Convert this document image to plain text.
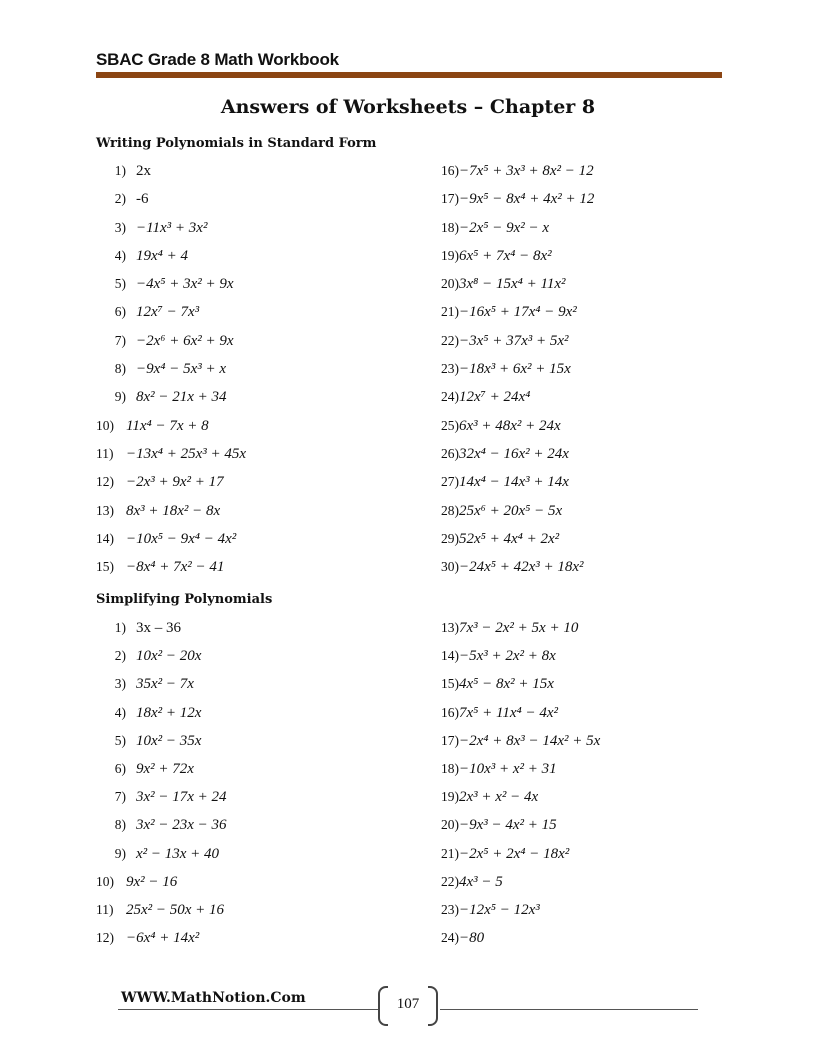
SBAC Grade 8 Math Workbook
Answers of Worksheets – Chapter 8
Writing Polynomials in Standard Form
1) 2x
2) -6
3) −11x³ + 3x²
4) 19x⁴ + 4
5) −4x⁵ + 3x² + 9x
6) 12x⁷ − 7x³
7) −2x⁶ + 6x² + 9x
8) −9x⁴ − 5x³ + x
9) 8x² − 21x + 34
10) 11x⁴ − 7x + 8
11) −13x⁴ + 25x³ + 45x
12) −2x³ + 9x² + 17
13) 8x³ + 18x² − 8x
14) −10x⁵ − 9x⁴ − 4x²
15) −8x⁴ + 7x² − 41
16)−7x⁵ + 3x³ + 8x² − 12
17)−9x⁵ − 8x⁴ + 4x² + 12
18)−2x⁵ − 9x² − x
19)6x⁵ + 7x⁴ − 8x²
20)3x⁸ − 15x⁴ + 11x²
21)−16x⁵ + 17x⁴ − 9x²
22)−3x⁵ + 37x³ + 5x²
23)−18x³ + 6x² + 15x
24)12x⁷ + 24x⁴
25)6x³ + 48x² + 24x
26)32x⁴ − 16x² + 24x
27)14x⁴ − 14x³ + 14x
28)25x⁶ + 20x⁵ − 5x
29)52x⁵ + 4x⁴ + 2x²
30)−24x⁵ + 42x³ + 18x²
Simplifying Polynomials
1) 3x – 36
2) 10x² − 20x
3) 35x² − 7x
4) 18x² + 12x
5) 10x² − 35x
6) 9x² + 72x
7) 3x² − 17x + 24
8) 3x² − 23x − 36
9) x² − 13x + 40
10) 9x² − 16
11) 25x² − 50x + 16
12) −6x⁴ + 14x²
13)7x³ − 2x² + 5x + 10
14)−5x³ + 2x² + 8x
15)4x⁵ − 8x² + 15x
16)7x⁵ + 11x⁴ − 4x²
17)−2x⁴ + 8x³ − 14x² + 5x
18)−10x³ + x² + 31
19)2x³ + x² − 4x
20)−9x³ − 4x² + 15
21)−2x⁵ + 2x⁴ − 18x²
22)4x³ − 5
23)−12x⁵ − 12x³
24)−80
WWW.MathNotion.Com	107
